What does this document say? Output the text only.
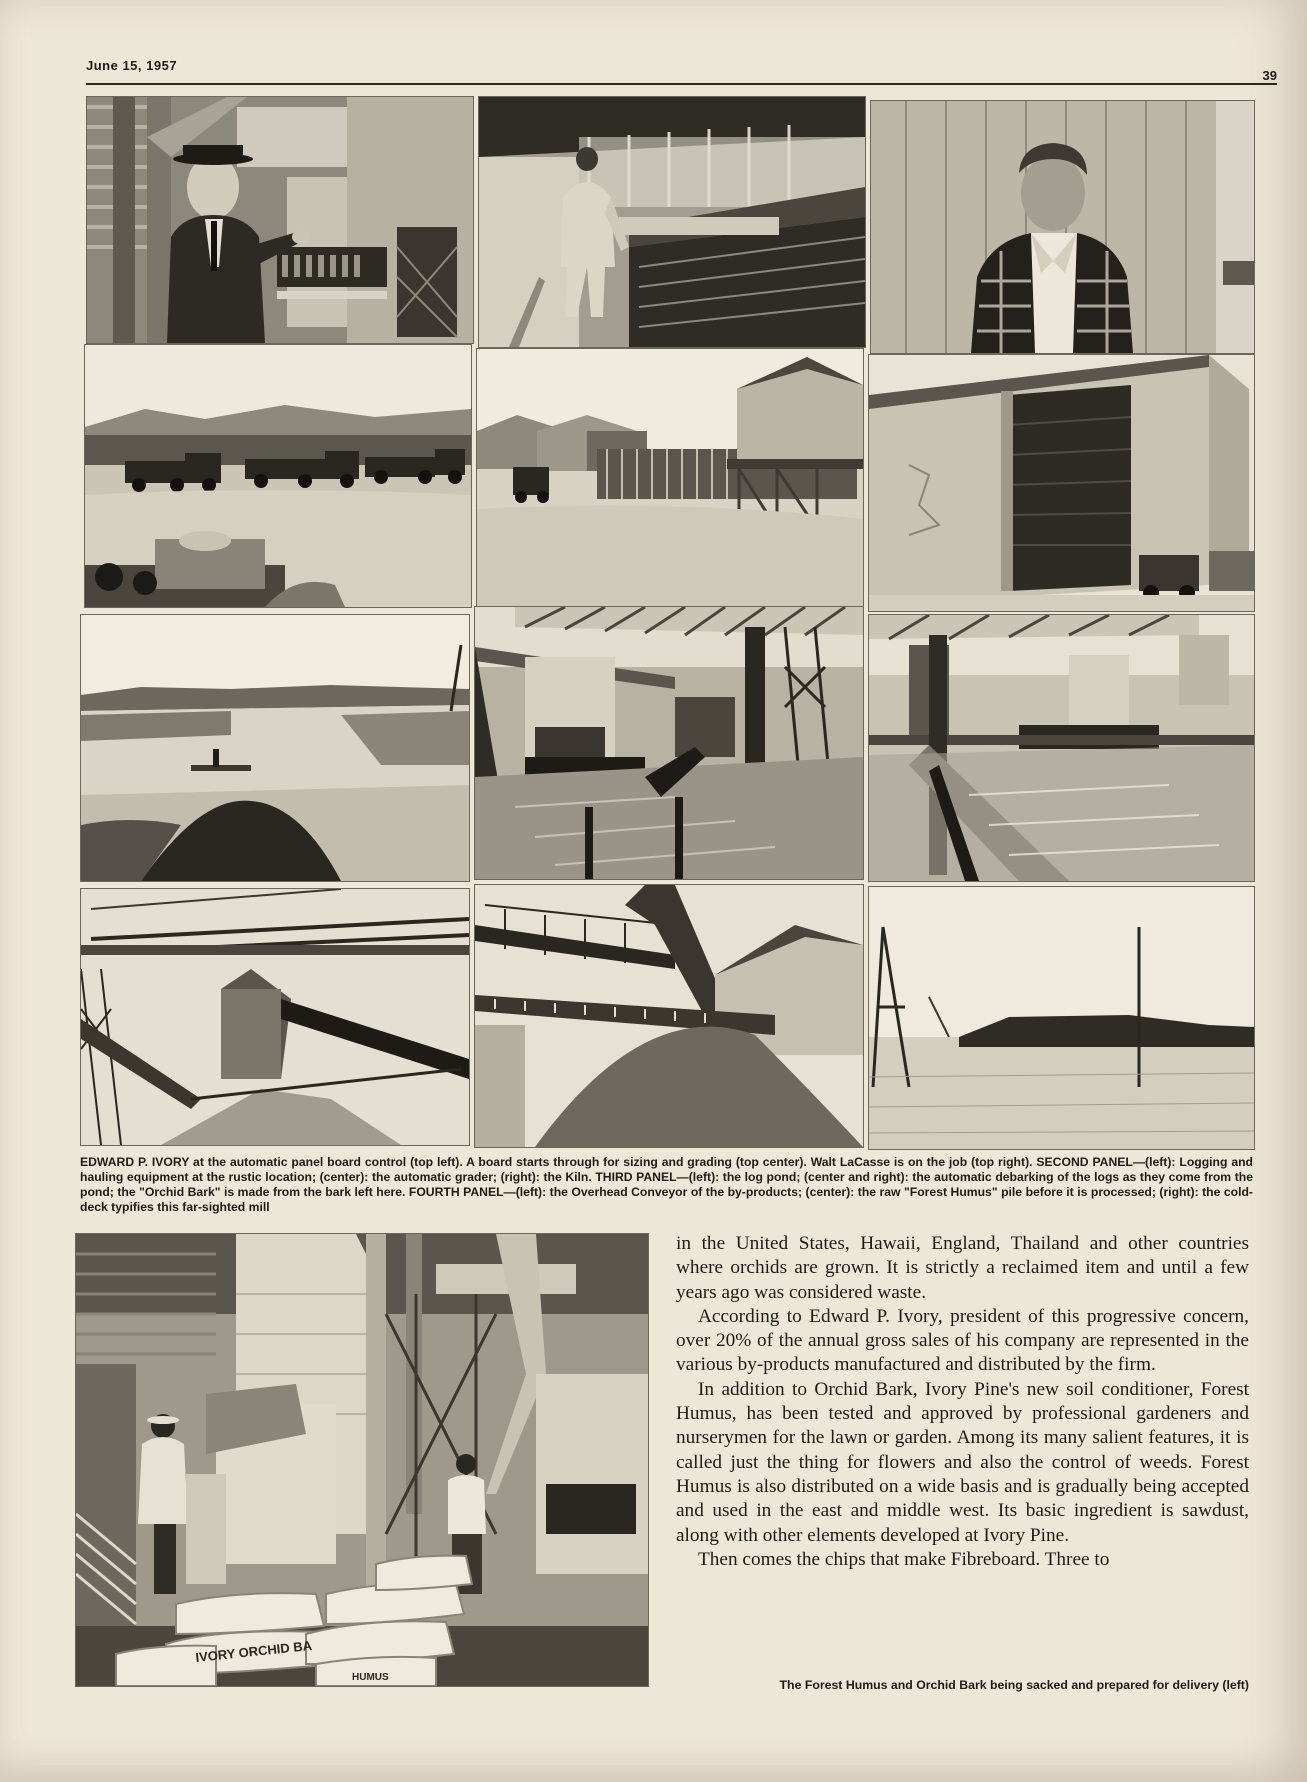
June 15, 1957
39
EDWARD P. IVORY at the automatic panel board control (top left). A board starts through for sizing and grading (top center). Walt LaCasse is on the job (top right). SECOND PANEL—(left): Logging and hauling equipment at the rustic location; (center): the automatic grader; (right): the Kiln. THIRD PANEL—(left): the log pond; (center and right): the automatic debarking of the logs as they come from the pond; the "Orchid Bark" is made from the bark left here. FOURTH PANEL—(left): the Overhead Conveyor of the by-products; (center): the raw "Forest Humus" pile before it is processed; (right): the cold-deck typifies this far-sighted mill
IVORY ORCHID BA
HUMUS

in the United States, Hawaii, England, Thailand and other countries where orchids are grown. It is strictly a reclaimed item and until a few years ago was considered waste.

According to Edward P. Ivory, president of this progressive concern, over 20% of the annual gross sales of his company are represented in the various by-products manufactured and distributed by the firm.

In addition to Orchid Bark, Ivory Pine's new soil conditioner, Forest Humus, has been tested and approved by professional gardeners and nurserymen for the lawn or garden. Among its many salient features, it is called just the thing for flowers and also the control of weeds. Forest Humus is also distributed on a wide basis and is gradually being accepted and used in the east and middle west. Its basic ingredient is sawdust, along with other elements developed at Ivory Pine.

Then comes the chips that make Fibreboard. Three to

The Forest Humus and Orchid Bark being sacked and prepared for delivery (left)
